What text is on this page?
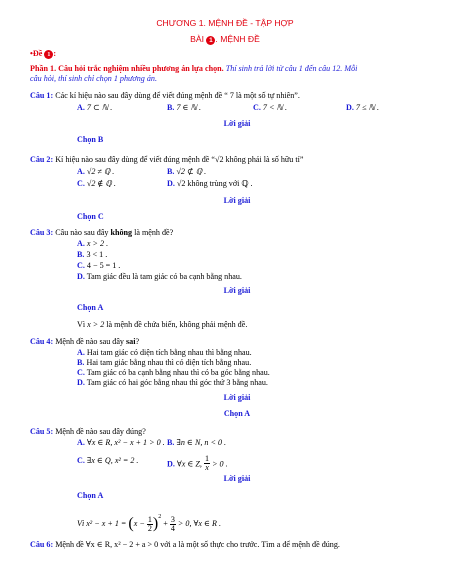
CHƯƠNG 1. MỆNH ĐỀ - TẬP HỢP
BÀI 1 . MỆNH ĐỀ
•Đề 1 :
Phần 1. Câu hỏi trắc nghiệm nhiều phương án lựa chọn. Thí sinh trả lời từ câu 1 đến câu 12. Mỗi
câu hỏi, thí sinh chỉ chọn 1 phương án.
Câu 1: Các kí hiệu nào sau đây dùng để viết đúng mệnh đề “ 7 là một số tự nhiên”.
A. 7 ⊂ ℕ .	B. 7 ∈ ℕ .	C. 7 < ℕ .	D. 7 ≤ ℕ .
Lời giải
Chọn B
Câu 2: Kí hiệu nào sau đây dùng để viết đúng mệnh đề “√2 không phải là số hữu tỉ”
A. √2 ≠ ℚ .	B. √2 ⊄ ℚ .
C. √2 ∉ ℚ .	D. √2 không trùng với ℚ .
Lời giải
Chọn C
Câu 3: Câu nào sau đây không là mệnh đề?
A. x > 2 .
B. 3 < 1 .
C. 4 − 5 = 1 .
D. Tam giác đều là tam giác có ba cạnh bằng nhau.
Lời giải
Chọn A
Vì x > 2 là mệnh đề chứa biến, không phải mệnh đề.
Câu 4: Mệnh đề nào sau đây sai?
A. Hai tam giác có diện tích bằng nhau thì bằng nhau.
B. Hai tam giác bằng nhau thì có diện tích bằng nhau.
C. Tam giác có ba cạnh bằng nhau thì có ba góc bằng nhau.
D. Tam giác có hai góc bằng nhau thì góc thứ 3 bằng nhau.
Lời giải
Chọn A
Câu 5: Mệnh đề nào sau đây đúng?
A. ∀x ∈ R, x² − x + 1 > 0 . B. ∃n ∈ N, n < 0 .
C. ∃x ∈ Q, x² = 2 .	D. ∀x ∈ Z, $\frac{1}{x} > 0$ .
Lời giải
Chọn A
Vì $x^2 - x + 1 = (x - \frac{1}{2} )^2 + \frac{3}{4} > 0$, ∀x ∈ R .
Câu 6: Mệnh đề ∀x ∈ R, x² − 2 + a > 0 với a là một số thực cho trước. Tìm a để mệnh đề đúng.
